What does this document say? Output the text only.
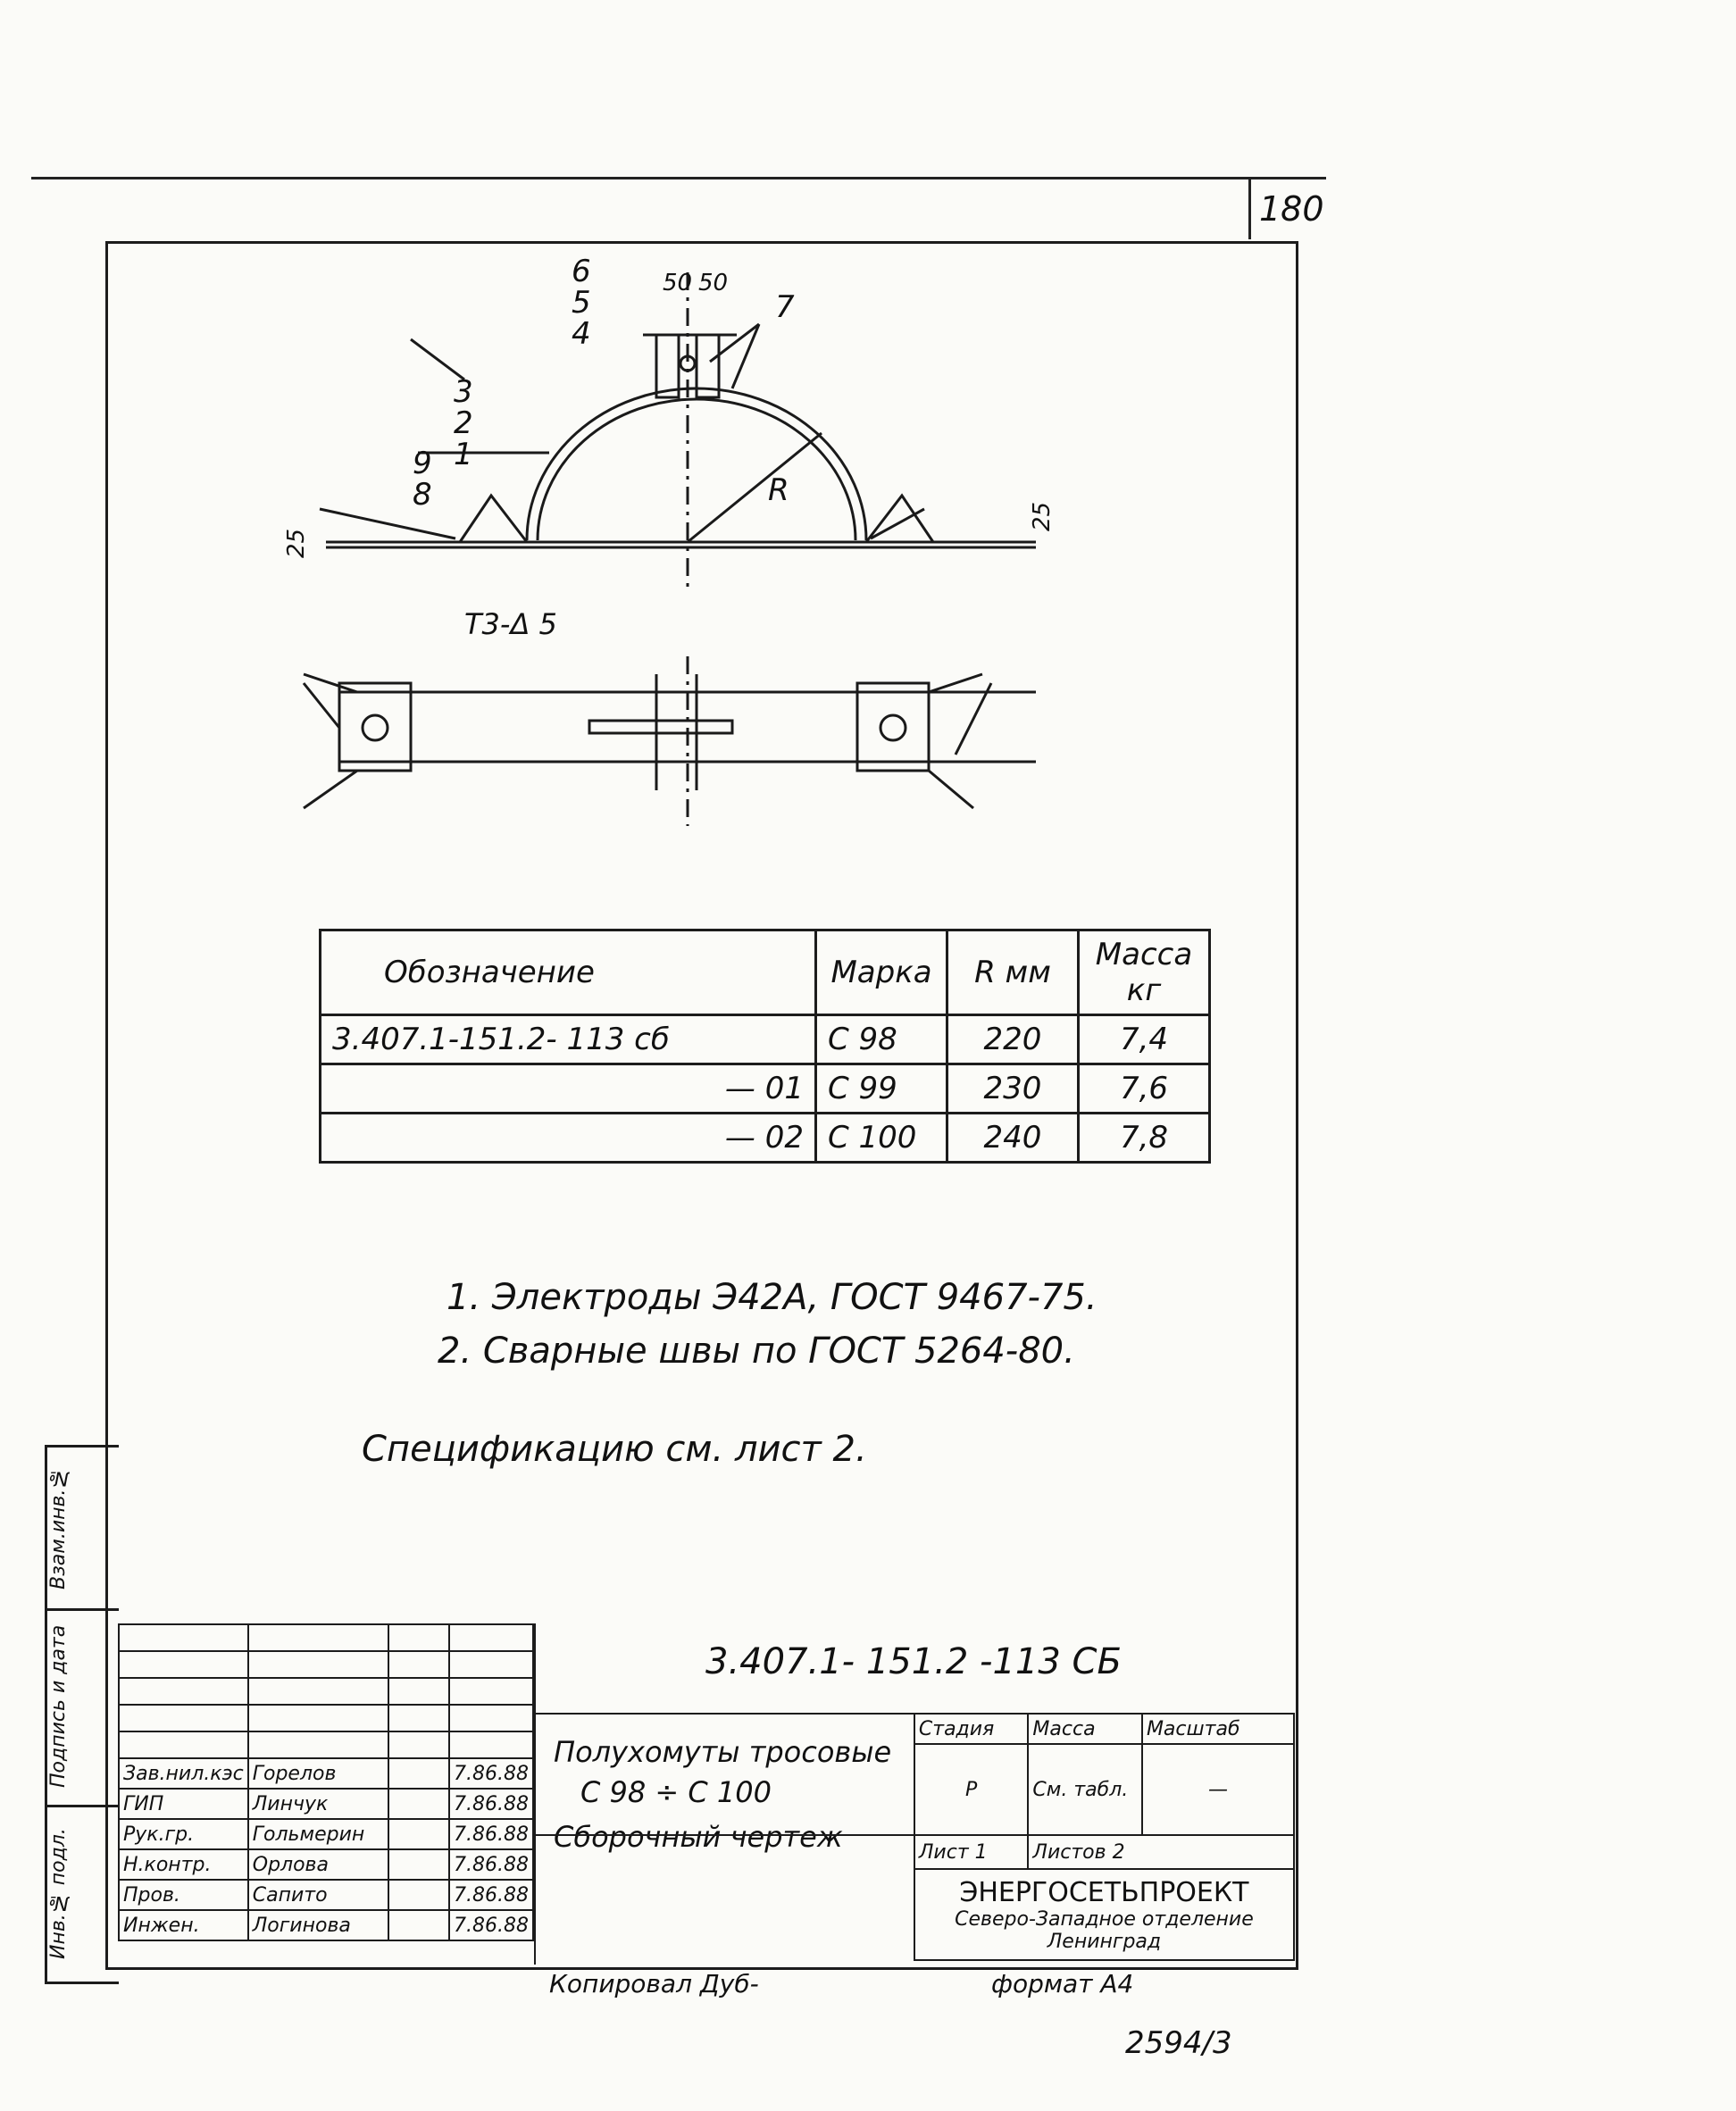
180
50 50
R
25
25
Т3-Δ 5
1
2
3
4
5
6
7
8
9
Обозначение	Марка	R мм	Масса кг
3.407.1-151.2- 113 сб	С 98	220	7,4
— 01	С 99	230	7,6
— 02	С 100	240	7,8
1. Электроды Э42А, ГОСТ 9467-75.
2. Сварные швы по ГОСТ 5264-80.
Спецификацию см. лист 2.
Взам.инв.№
Подпись и дата
Инв.№ подл.

Зав.нил.кэс	Горелов		7.86.88
ГИП	Линчук		7.86.88
Рук.гр.	Гольмерин		7.86.88
Н.контр.	Орлова		7.86.88
Пров.	Сапито		7.86.88
Инжен.	Логинова		7.86.88
3.407.1- 151.2 -113 СБ
Полухомуты тросовые
С 98 ÷ С 100
Сборочный чертеж
	Стадия	Масса	Масштаб
	Р	См. табл.	—
	Лист 1	Листов 2	

	ЭНЕРГОСЕТЬПРОЕКТ
Северо-Западное отделение
Ленинград		
Копировал Дуб-	формат А4
2594/3
